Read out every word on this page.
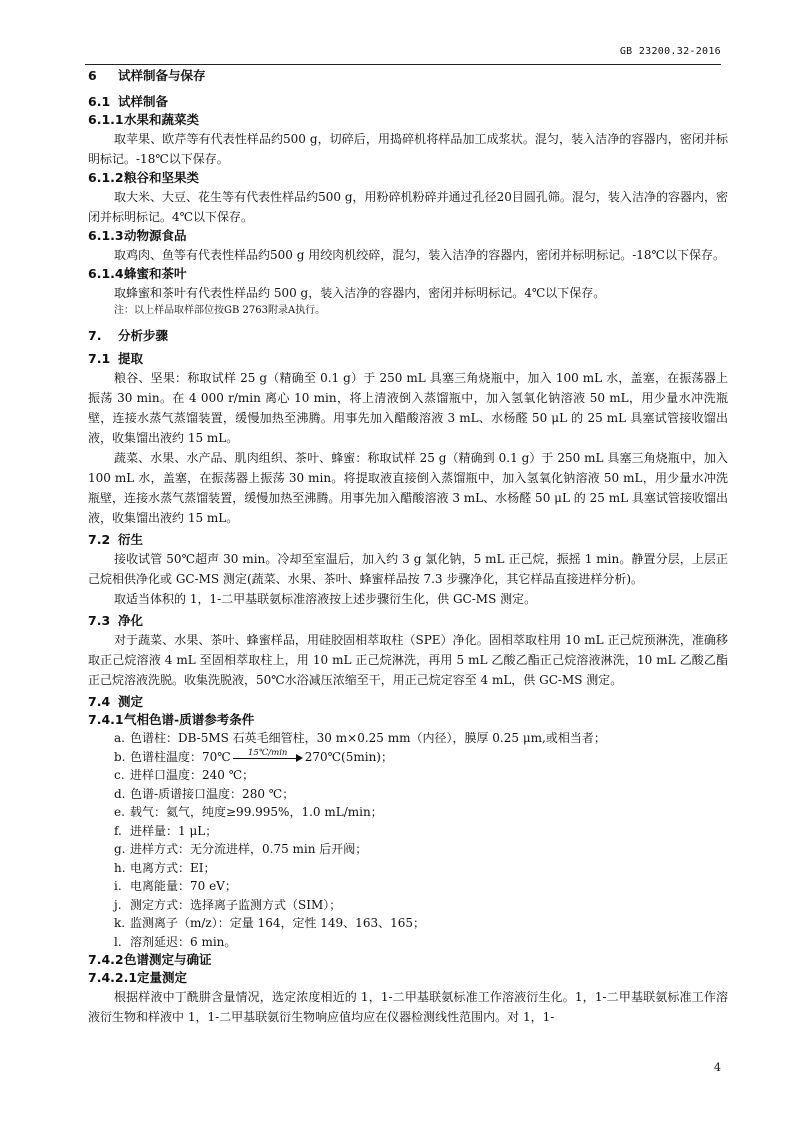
GB 23200.32-2016
6 试样制备与保存
6.1 试样制备
6.1.1水果和蔬菜类

取苹果、欧芹等有代表性样品约500 g，切碎后，用捣碎机将样品加工成浆状。混匀，装入洁净的容器内，密闭并标明标记。-18℃以下保存。

6.1.2粮谷和坚果类

取大米、大豆、花生等有代表性样品约500 g，用粉碎机粉碎并通过孔径20目圆孔筛。混匀，装入洁净的容器内，密闭并标明标记。4℃以下保存。

6.1.3动物源食品

取鸡肉、鱼等有代表性样品约500 g 用绞肉机绞碎，混匀，装入洁净的容器内，密闭并标明标记。-18℃以下保存。

6.1.4蜂蜜和茶叶

取蜂蜜和茶叶有代表性样品约 500 g，装入洁净的容器内，密闭并标明标记。4℃以下保存。

注：以上样品取样部位按GB 2763附录A执行。

7. 分析步骤
7.1 提取

粮谷、坚果：称取试样 25 g（精确至 0.1 g）于 250 mL 具塞三角烧瓶中，加入 100 mL 水，盖塞，在振荡器上振荡 30 min。在 4 000 r/min 离心 10 min，将上清液倒入蒸馏瓶中，加入氢氧化钠溶液 50 mL，用少量水冲洗瓶壁，连接水蒸气蒸馏装置，缓慢加热至沸腾。用事先加入醋酸溶液 3 mL、水杨醛 50 μL 的 25 mL 具塞试管接收馏出液，收集馏出液约 15 mL。

蔬菜、水果、水产品、肌肉组织、茶叶、蜂蜜：称取试样 25 g（精确到 0.1 g）于 250 mL 具塞三角烧瓶中，加入 100 mL 水，盖塞，在振荡器上振荡 30 min。将提取液直接倒入蒸馏瓶中，加入氢氧化钠溶液 50 mL，用少量水冲洗瓶壁，连接水蒸气蒸馏装置，缓慢加热至沸腾。用事先加入醋酸溶液 3 mL、水杨醛 50 μL 的 25 mL 具塞试管接收馏出液，收集馏出液约 15 mL。

7.2 衍生

接收试管 50℃超声 30 min。冷却至室温后，加入约 3 g 氯化钠，5 mL 正己烷，振摇 1 min。静置分层，上层正己烷相供净化或 GC-MS 测定(蔬菜、水果、茶叶、蜂蜜样品按 7.3 步骤净化，其它样品直接进样分析)。

取适当体积的 1，1-二甲基联氨标准溶液按上述步骤衍生化，供 GC-MS 测定。

7.3 净化

对于蔬菜、水果、茶叶、蜂蜜样品，用硅胶固相萃取柱（SPE）净化。固相萃取柱用 10 mL 正己烷预淋洗，准确移取正己烷溶液 4 mL 至固相萃取柱上，用 10 mL 正己烷淋洗，再用 5 mL 乙酸乙酯正己烷溶液淋洗，10 mL 乙酸乙酯正己烷溶液洗脱。收集洗脱液，50℃水浴减压浓缩至干，用正己烷定容至 4 mL，供 GC-MS 测定。

7.4 测定
7.4.1气相色谱-质谱参考条件
a. 色谱柱：DB-5MS 石英毛细管柱，30 m×0.25 mm（内径），膜厚 0.25 μm,或相当者；
b. 色谱柱温度：70℃	15℃/min	270℃(5min)；
c. 进样口温度：240 ℃；
d. 色谱-质谱接口温度：280 ℃；
e. 载气：氦气，纯度≥99.995%，1.0 mL/min；
f. 进样量：1 μL；
g. 进样方式：无分流进样，0.75 min 后开阀；
h. 电离方式：EI；
i. 电离能量：70 eV；
j. 测定方式：选择离子监测方式（SIM）；
k. 监测离子（m/z）：定量 164，定性 149、163、165；
l. 溶剂延迟：6 min。
7.4.2色谱测定与确证
7.4.2.1定量测定

根据样液中丁酰肼含量情况，选定浓度相近的 1，1-二甲基联氨标准工作溶液衍生化。1，1-二甲基联氨标准工作溶液衍生物和样液中 1，1-二甲基联氨衍生物响应值均应在仪器检测线性范围内。对 1，1-

4
